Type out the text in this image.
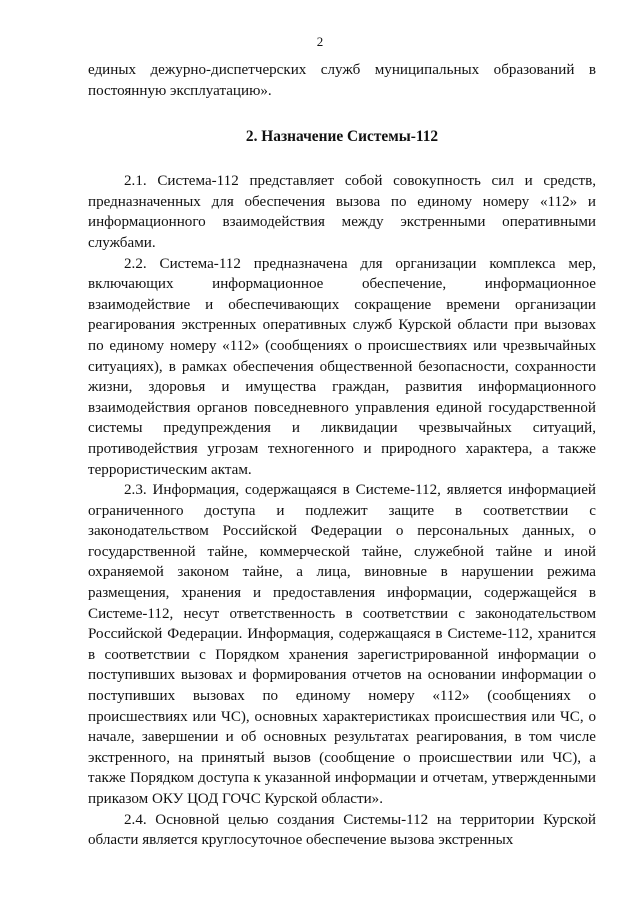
2

единых дежурно-диспетчерских служб муниципальных образований в постоянную эксплуатацию».

2. Назначение Системы-112

2.1. Система-112 представляет собой совокупность сил и средств, предназначенных для обеспечения вызова по единому номеру «112» и информационного взаимодействия между экстренными оперативными службами.

2.2. Система-112 предназначена для организации комплекса мер, включающих информационное обеспечение, информационное взаимодействие и обеспечивающих сокращение времени организации реагирования экстренных оперативных служб Курской области при вызовах по единому номеру «112» (сообщениях о происшествиях или чрезвычайных ситуациях), в рамках обеспечения общественной безопасности, сохранности жизни, здоровья и имущества граждан, развития информационного взаимодействия органов повседневного управления единой государственной системы предупреждения и ликвидации чрезвычайных ситуаций, противодействия угрозам техногенного и природного характера, а также террористическим актам.

2.3. Информация, содержащаяся в Системе-112, является информацией ограниченного доступа и подлежит защите в соответствии с законодательством Российской Федерации о персональных данных, о государственной тайне, коммерческой тайне, служебной тайне и иной охраняемой законом тайне, а лица, виновные в нарушении режима размещения, хранения и предоставления информации, содержащейся в Системе-112, несут ответственность в соответствии с законодательством Российской Федерации. Информация, содержащаяся в Системе-112, хранится в соответствии с Порядком хранения зарегистрированной информации о поступивших вызовах и формирования отчетов на основании информации о поступивших вызовах по единому номеру «112» (сообщениях о происшествиях или ЧС), основных характеристиках происшествия или ЧС, о начале, завершении и об основных результатах реагирования, в том числе экстренного, на принятый вызов (сообщение о происшествии или ЧС), а также Порядком доступа к указанной информации и отчетам, утвержденными приказом ОКУ ЦОД ГОЧС Курской области».

2.4. Основной целью создания Системы-112 на территории Курской области является круглосуточное обеспечение вызова экстренных
